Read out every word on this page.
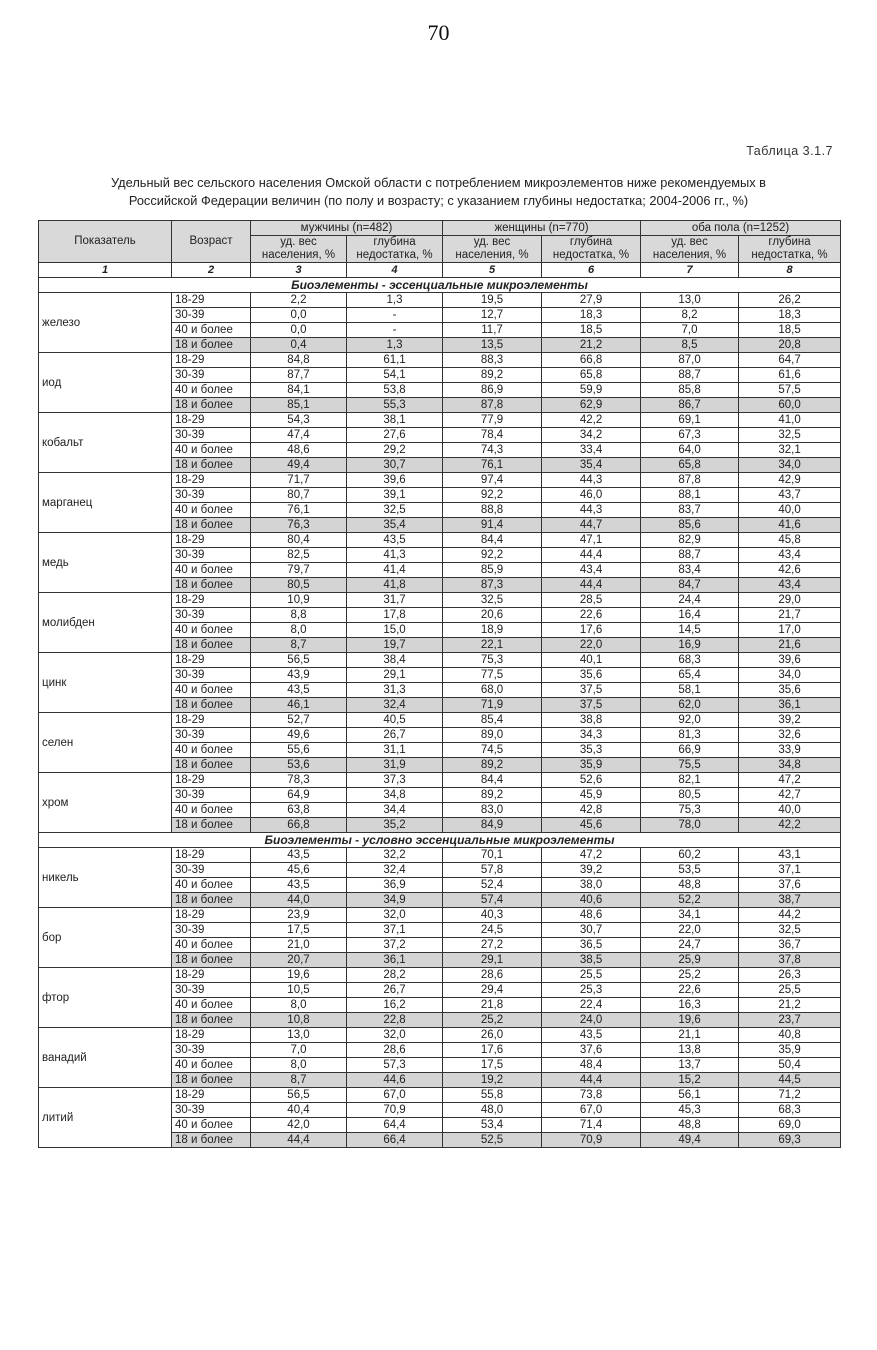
70
Таблица 3.1.7
Удельный вес сельского населения Омской области с потреблением микроэлементов ниже рекомендуемых в
Российской Федерации величин (по полу и возрасту; с указанием глубины недостатка; 2004-2006 гг., %)
Показатель	Возраст	мужчины (n=482)		женщины (n=770)		оба пола (n=1252)	
		уд. вес населения, %	глубина недостатка, %	уд. вес населения, %	глубина недостатка, %	уд. вес населения, %	глубина недостатка, %
1	2	3	4	5	6	7	8
Биоэлементы - эссенциальные микроэлементы							
железо	18-29	2,2	1,3	19,5	27,9	13,0	26,2
	30-39	0,0	-	12,7	18,3	8,2	18,3
	40 и более	0,0	-	11,7	18,5	7,0	18,5
	18 и более	0,4	1,3	13,5	21,2	8,5	20,8
иод	18-29	84,8	61,1	88,3	66,8	87,0	64,7
	30-39	87,7	54,1	89,2	65,8	88,7	61,6
	40 и более	84,1	53,8	86,9	59,9	85,8	57,5
	18 и более	85,1	55,3	87,8	62,9	86,7	60,0
кобальт	18-29	54,3	38,1	77,9	42,2	69,1	41,0
	30-39	47,4	27,6	78,4	34,2	67,3	32,5
	40 и более	48,6	29,2	74,3	33,4	64,0	32,1
	18 и более	49,4	30,7	76,1	35,4	65,8	34,0
марганец	18-29	71,7	39,6	97,4	44,3	87,8	42,9
	30-39	80,7	39,1	92,2	46,0	88,1	43,7
	40 и более	76,1	32,5	88,8	44,3	83,7	40,0
	18 и более	76,3	35,4	91,4	44,7	85,6	41,6
медь	18-29	80,4	43,5	84,4	47,1	82,9	45,8
	30-39	82,5	41,3	92,2	44,4	88,7	43,4
	40 и более	79,7	41,4	85,9	43,4	83,4	42,6
	18 и более	80,5	41,8	87,3	44,4	84,7	43,4
молибден	18-29	10,9	31,7	32,5	28,5	24,4	29,0
	30-39	8,8	17,8	20,6	22,6	16,4	21,7
	40 и более	8,0	15,0	18,9	17,6	14,5	17,0
	18 и более	8,7	19,7	22,1	22,0	16,9	21,6
цинк	18-29	56,5	38,4	75,3	40,1	68,3	39,6
	30-39	43,9	29,1	77,5	35,6	65,4	34,0
	40 и более	43,5	31,3	68,0	37,5	58,1	35,6
	18 и более	46,1	32,4	71,9	37,5	62,0	36,1
селен	18-29	52,7	40,5	85,4	38,8	92,0	39,2
	30-39	49,6	26,7	89,0	34,3	81,3	32,6
	40 и более	55,6	31,1	74,5	35,3	66,9	33,9
	18 и более	53,6	31,9	89,2	35,9	75,5	34,8
хром	18-29	78,3	37,3	84,4	52,6	82,1	47,2
	30-39	64,9	34,8	89,2	45,9	80,5	42,7
	40 и более	63,8	34,4	83,0	42,8	75,3	40,0
	18 и более	66,8	35,2	84,9	45,6	78,0	42,2
Биоэлементы - условно эссенциальные микроэлементы							
никель	18-29	43,5	32,2	70,1	47,2	60,2	43,1
	30-39	45,6	32,4	57,8	39,2	53,5	37,1
	40 и более	43,5	36,9	52,4	38,0	48,8	37,6
	18 и более	44,0	34,9	57,4	40,6	52,2	38,7
бор	18-29	23,9	32,0	40,3	48,6	34,1	44,2
	30-39	17,5	37,1	24,5	30,7	22,0	32,5
	40 и более	21,0	37,2	27,2	36,5	24,7	36,7
	18 и более	20,7	36,1	29,1	38,5	25,9	37,8
фтор	18-29	19,6	28,2	28,6	25,5	25,2	26,3
	30-39	10,5	26,7	29,4	25,3	22,6	25,5
	40 и более	8,0	16,2	21,8	22,4	16,3	21,2
	18 и более	10,8	22,8	25,2	24,0	19,6	23,7
ванадий	18-29	13,0	32,0	26,0	43,5	21,1	40,8
	30-39	7,0	28,6	17,6	37,6	13,8	35,9
	40 и более	8,0	57,3	17,5	48,4	13,7	50,4
	18 и более	8,7	44,6	19,2	44,4	15,2	44,5
литий	18-29	56,5	67,0	55,8	73,8	56,1	71,2
	30-39	40,4	70,9	48,0	67,0	45,3	68,3
	40 и более	42,0	64,4	53,4	71,4	48,8	69,0
	18 и более	44,4	66,4	52,5	70,9	49,4	69,3
